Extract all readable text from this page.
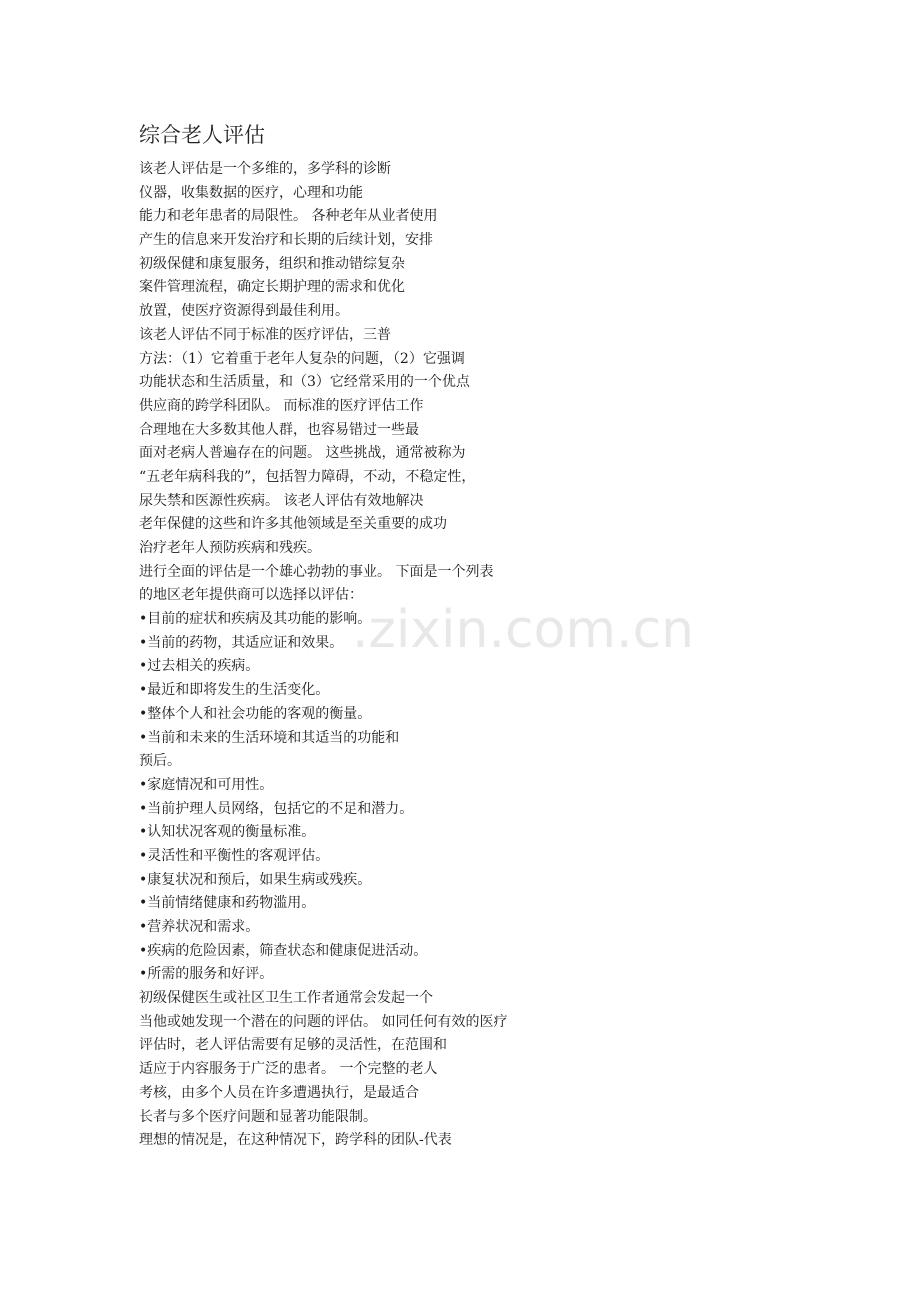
综合老人评估
该老人评估是一个多维的，多学科的诊断
仪器，收集数据的医疗，心理和功能
能力和老年患者的局限性。 各种老年从业者使用
产生的信息来开发治疗和长期的后续计划，安排
初级保健和康复服务，组织和推动错综复杂
案件管理流程，确定长期护理的需求和优化
放置，使医疗资源得到最佳利用。
该老人评估不同于标准的医疗评估，三普
方法：（1）它着重于老年人复杂的问题，（2）它强调
功能状态和生活质量，和（3）它经常采用的一个优点
供应商的跨学科团队。 而标准的医疗评估工作
合理地在大多数其他人群，也容易错过一些最
面对老病人普遍存在的问题。 这些挑战，通常被称为
“五老年病科我的”，包括智力障碍，不动，不稳定性，
尿失禁和医源性疾病。 该老人评估有效地解决
老年保健的这些和许多其他领域是至关重要的成功
治疗老年人预防疾病和残疾。
进行全面的评估是一个雄心勃勃的事业。 下面是一个列表
的地区老年提供商可以选择以评估：
•目前的症状和疾病及其功能的影响。
•当前的药物，其适应证和效果。
•过去相关的疾病。
•最近和即将发生的生活变化。
•整体个人和社会功能的客观的衡量。
•当前和未来的生活环境和其适当的功能和
预后。
•家庭情况和可用性。
•当前护理人员网络，包括它的不足和潜力。
•认知状况客观的衡量标准。
•灵活性和平衡性的客观评估。
•康复状况和预后，如果生病或残疾。
•当前情绪健康和药物滥用。
•营养状况和需求。
•疾病的危险因素，筛查状态和健康促进活动。
•所需的服务和好评。
初级保健医生或社区卫生工作者通常会发起一个
当他或她发现一个潜在的问题的评估。 如同任何有效的医疗
评估时，老人评估需要有足够的灵活性，在范围和
适应于内容服务于广泛的患者。 一个完整的老人
考核，由多个人员在许多遭遇执行，是最适合
长者与多个医疗问题和显著功能限制。
理想的情况是，在这种情况下，跨学科的团队-代表
.zixin.com.cn
